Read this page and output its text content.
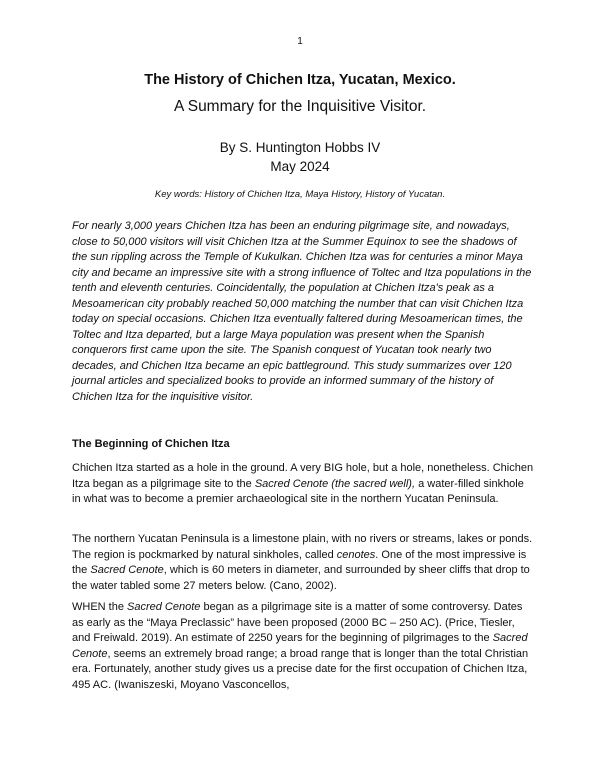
1
The History of Chichen Itza, Yucatan, Mexico.
A Summary for the Inquisitive Visitor.
By S. Huntington Hobbs IV
May 2024
Key words: History of Chichen Itza, Maya History, History of Yucatan.

For nearly 3,000 years Chichen Itza has been an enduring pilgrimage site, and nowadays, close to 50,000 visitors will visit Chichen Itza at the Summer Equinox to see the shadows of the sun rippling across the Temple of Kukulkan. Chichen Itza was for centuries a minor Maya city and became an impressive site with a strong influence of Toltec and Itza populations in the tenth and eleventh centuries. Coincidentally, the population at Chichen Itza's peak as a Mesoamerican city probably reached 50,000 matching the number that can visit Chichen Itza today on special occasions. Chichen Itza eventually faltered during Mesoamerican times, the Toltec and Itza departed, but a large Maya population was present when the Spanish conquerors first came upon the site. The Spanish conquest of Yucatan took nearly two decades, and Chichen Itza became an epic battleground. This study summarizes over 120 journal articles and specialized books to provide an informed summary of the history of Chichen Itza for the inquisitive visitor.

The Beginning of Chichen Itza

Chichen Itza started as a hole in the ground. A very BIG hole, but a hole, nonetheless. Chichen Itza began as a pilgrimage site to the Sacred Cenote (the sacred well), a water-filled sinkhole in what was to become a premier archaeological site in the northern Yucatan Peninsula.

The northern Yucatan Peninsula is a limestone plain, with no rivers or streams, lakes or ponds. The region is pockmarked by natural sinkholes, called cenotes. One of the most impressive is the Sacred Cenote, which is 60 meters in diameter, and surrounded by sheer cliffs that drop to the water tabled some 27 meters below. (Cano, 2002).

WHEN the Sacred Cenote began as a pilgrimage site is a matter of some controversy. Dates as early as the “Maya Preclassic” have been proposed (2000 BC – 250 AC). (Price, Tiesler, and Freiwald. 2019). An estimate of 2250 years for the beginning of pilgrimages to the Sacred Cenote, seems an extremely broad range; a broad range that is longer than the total Christian era. Fortunately, another study gives us a precise date for the first occupation of Chichen Itza, 495 AC. (Iwaniszeski, Moyano Vasconcellos,
